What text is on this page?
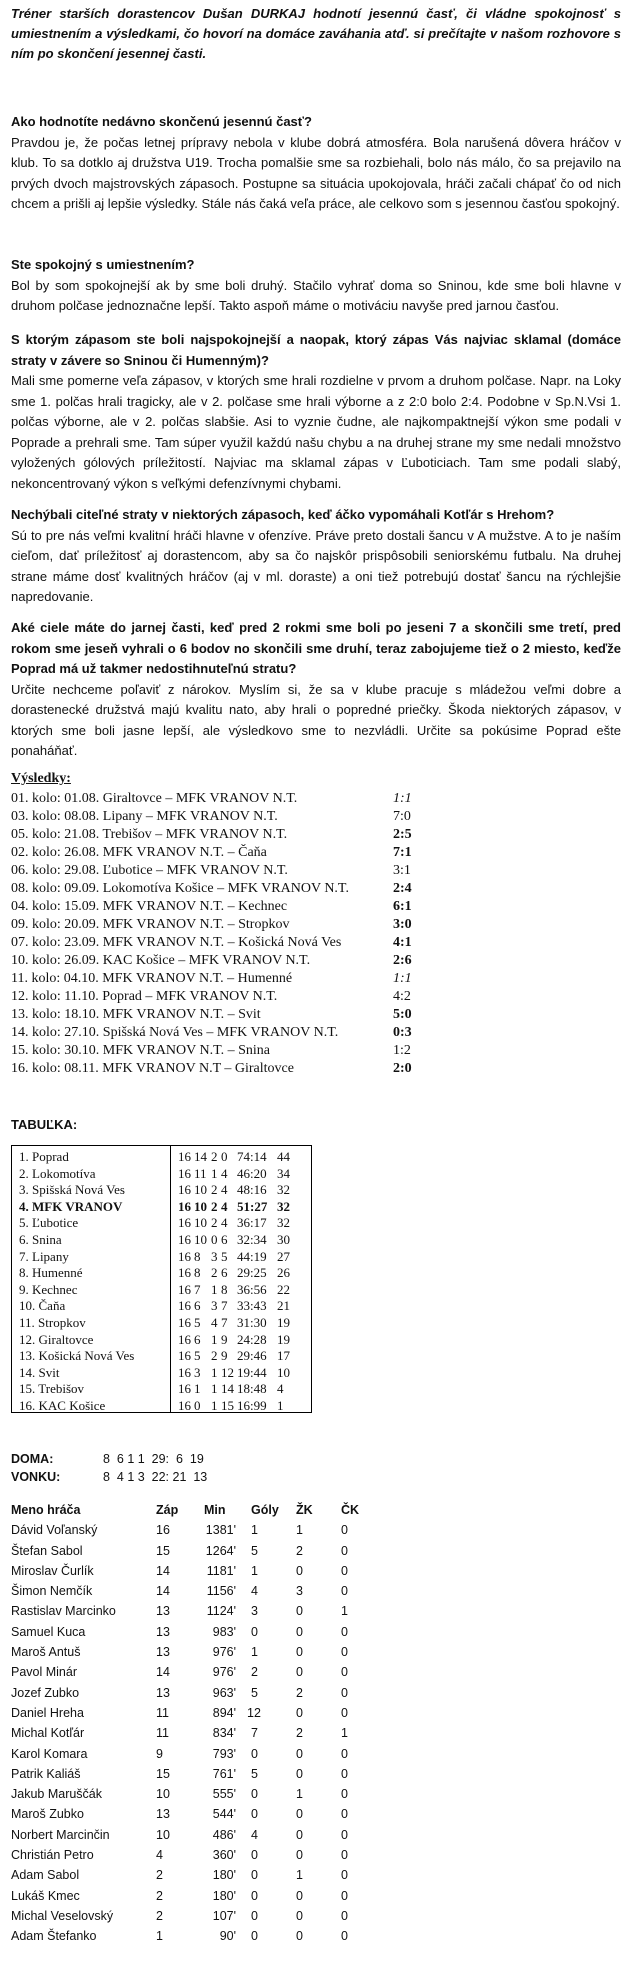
Tréner starších dorastencov Dušan DURKAJ hodnotí jesennú časť, či vládne spokojnosť s umiestnením a výsledkami, čo hovorí na domáce zaváhania atď. si prečítajte v našom rozhovore s ním po skončení jesennej časti.
Ako hodnotíte nedávno skončenú jesennú časť?
Pravdou je, že počas letnej prípravy nebola v klube dobrá atmosféra. Bola narušená dôvera hráčov v klub. To sa dotklo aj družstva U19. Trocha pomalšie sme sa rozbiehali, bolo nás málo, čo sa prejavilo na prvých dvoch majstrovských zápasoch. Postupne sa situácia upokojovala, hráči začali chápať čo od nich chcem a prišli aj lepšie výsledky. Stále nás čaká veľa práce, ale celkovo som s jesennou časťou spokojný.
Ste spokojný s umiestnením?
Bol by som spokojnejší ak by sme boli druhý. Stačilo vyhrať doma so Sninou, kde sme boli hlavne v druhom polčase jednoznačne lepší. Takto aspoň máme o motiváciu navyše pred jarnou časťou.
S ktorým zápasom ste boli najspokojnejší a naopak, ktorý zápas Vás najviac sklamal (domáce straty v závere so Sninou či Humenným)?
Mali sme pomerne veľa zápasov, v ktorých sme hrali rozdielne v prvom a druhom polčase. Napr. na Loky sme 1. polčas hrali tragicky, ale v 2. polčase sme hrali výborne a z 2:0 bolo 2:4. Podobne v Sp.N.Vsi 1. polčas výborne, ale v 2. polčas slabšie. Asi to vyznie čudne, ale najkompaktnejší výkon sme podali v Poprade a prehrali sme. Tam súper využil každú našu chybu a na druhej strane my sme nedali množstvo vyložených gólových príležitostí. Najviac ma sklamal zápas v Ľuboticiach. Tam sme podali slabý, nekoncentrovaný výkon s veľkými defenzívnymi chybami.
Nechýbali citeľné straty v niektorých zápasoch, keď áčko vypomáhali Kotľár s Hrehom?
Sú to pre nás veľmi kvalitní hráči hlavne v ofenzíve. Práve preto dostali šancu v A mužstve. A to je naším cieľom, dať príležitosť aj dorastencom, aby sa čo najskôr prispôsobili seniorskému futbalu. Na druhej strane máme dosť kvalitných hráčov (aj v ml. doraste) a oni tiež potrebujú dostať šancu na rýchlejšie napredovanie.
Aké ciele máte do jarnej časti, keď pred 2 rokmi sme boli po jeseni 7 a skončili sme tretí, pred rokom sme jeseň vyhrali o 6 bodov no skončili sme druhí, teraz zabojujeme tiež o 2 miesto, keďže Poprad má už takmer nedostihnuteľnú stratu?
Určite nechceme poľaviť z nárokov. Myslím si, že sa v klube pracuje s mládežou veľmi dobre a dorastenecké družstvá majú kvalitu nato, aby hrali o popredné priečky. Škoda niektorých zápasov, v ktorých sme boli jasne lepší, ale výsledkovo sme to nezvládli. Určite sa pokúsime Poprad ešte ponaháňať.
Výsledky:
01. kolo: 01.08. Giraltovce – MFK VRANOV N.T.	1:1
03. kolo: 08.08. Lipany – MFK VRANOV N.T.	7:0
05. kolo: 21.08. Trebišov – MFK VRANOV N.T.	2:5
02. kolo: 26.08. MFK VRANOV N.T. – Čaňa	7:1
06. kolo: 29.08. Ľubotice – MFK VRANOV N.T.	3:1
08. kolo: 09.09. Lokomotíva Košice – MFK VRANOV N.T.	2:4
04. kolo: 15.09. MFK VRANOV N.T. – Kechnec	6:1
09. kolo: 20.09. MFK VRANOV N.T. – Stropkov	3:0
07. kolo: 23.09. MFK VRANOV N.T. – Košická Nová Ves	4:1
10. kolo: 26.09. KAC Košice – MFK VRANOV N.T.	2:6
11. kolo: 04.10. MFK VRANOV N.T. – Humenné	1:1
12. kolo: 11.10. Poprad – MFK VRANOV N.T.	4:2
13. kolo: 18.10. MFK VRANOV N.T. – Svit	5:0
14. kolo: 27.10. Spišská Nová Ves – MFK VRANOV N.T.	0:3
15. kolo: 30.10. MFK VRANOV N.T. – Snina	1:2
16. kolo: 08.11. MFK VRANOV N.T – Giraltovce	2:0
TABUĽKA:
1. Poprad	16 14 2 0 74:14 44
2. Lokomotíva	16 11 1 4 46:20 34
3. Spišská Nová Ves	16 10 2 4 48:16 32
4. MFK VRANOV	16 10 2 4 51:27 32
5. Ľubotice	16 10 2 4 36:17 32
6. Snina	16 10 0 6 32:34 30
7. Lipany	16 8 3 5 44:19 27
8. Humenné	16 8 2 6 29:25 26
9. Kechnec	16 7 1 8 36:56 22
10. Čaňa	16 6 3 7 33:43 21
11. Stropkov	16 5 4 7 31:30 19
12. Giraltovce	16 6 1 9 24:28 19
13. Košická Nová Ves	16 5 2 9 29:46 17
14. Svit	16 3 1 12 19:44 10
15. Trebišov	16 1 1 14 18:48 4
16. KAC Košice	16 0 1 15 16:99 1
DOMA:	8  6 1 1  29:  6  19
VONKU:	8  4 1 3  22: 21  13
Meno hráča	Záp Min Góly ŽK ČK
Dávid Voľanský	16	1381' 1	1	0
Štefan Sabol	15	1264' 5	2	0
Miroslav Čurlík	14	1181' 1	0	0
Šimon Nemčík	14	1156' 4	3	0
Rastislav Marcinko	13	1124' 3	0	1
Samuel Kuca	13	983' 0	0	0
Maroš Antuš	13	976' 1	0	0
Pavol Minár	14	976' 2	0	0
Jozef Zubko	13	963' 5	2	0
Daniel Hreha	11	894' 12	0	0
Michal Kotľár	11	834' 7	2	1
Karol Komara	9	793' 0	0	0
Patrik Kaliáš	15	761' 5	0	0
Jakub Maruščák	10	555' 0	1	0
Maroš Zubko	13	544' 0	0	0
Norbert Marcinčin	10	486' 4	0	0
Christián Petro	4	360' 0	0	0
Adam Sabol	2	180' 0	1	0
Lukáš Kmec	2	180' 0	0	0
Michal Veselovský	2	107' 0	0	0
Adam Štefanko	1	90' 0	0	0
